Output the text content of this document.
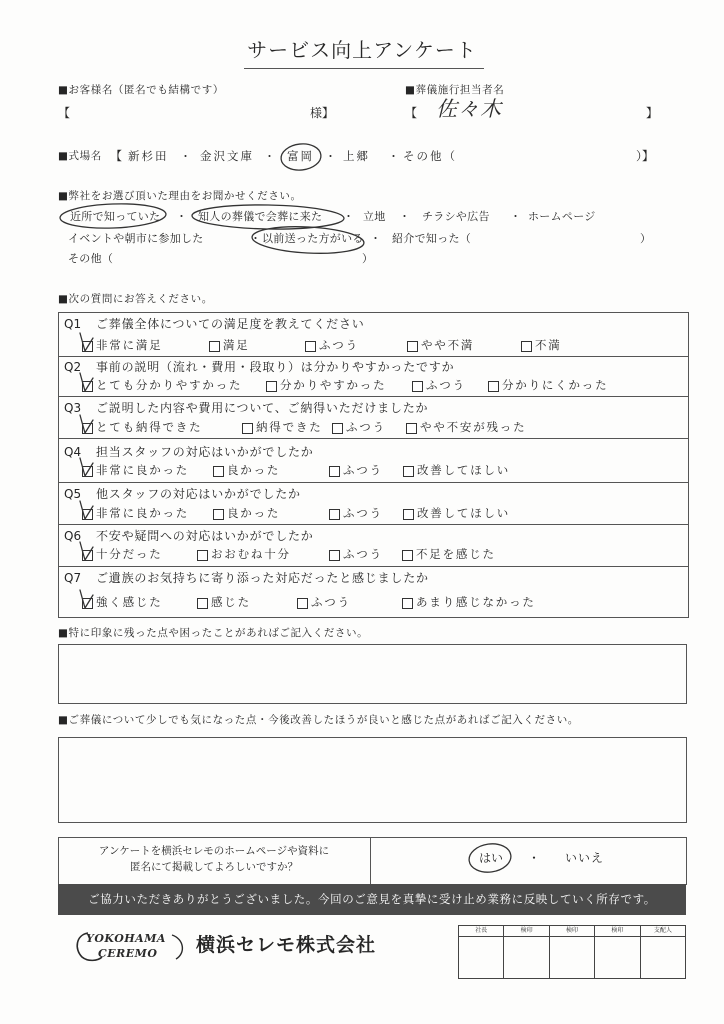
サービス向上アンケート
■お客様名（匿名でも結構です）
【	様】
■葬儀施行担当者名
【 佐々木	】
■式場名 【 新杉田 ・ 金沢文庫 ・ 富岡 ・ 上郷 ・ その他（	）】
■弊社をお選び頂いた理由をお聞かせください。
近所で知っていた ・ 知人の葬儀で会葬に来た ・ 立地 ・ チラシや広告 ・ ホームページ
イベントや朝市に参加した	・ 以前送った方がいる ・ 紹介で知った（	）
その他（	）
■次の質問にお答えください。
■特に印象に残った点や困ったことがあればご記入ください。
■ご葬儀について少しでも気になった点・今後改善したほうが良いと感じた点があればご記入ください。
アンケートを横浜セレモのホームページや資料に
匿名にて掲載してよろしいですか？
はい ・ いいえ
ご協力いただきありがとうございました。今回のご意見を真摯に受け止め業務に反映していく所存です。
YOKOHAMA
CEREMO 横浜セレモ株式会社
社長	検印	検印	検印	支配人
Q1 ご葬儀全体についての満足度を教えてください
非常に満足	満足	ふつう	やや不満	不満
Q2 事前の説明（流れ・費用・段取り）は分かりやすかったですか
とても分かりやすかった	分かりやすかった	ふつう	分かりにくかった
Q3 ご説明した内容や費用について、ご納得いただけましたか
とても納得できた	納得できた ふつう	やや不安が残った
Q4 担当スタッフの対応はいかがでしたか
非常に良かった	良かった	ふつう	改善してほしい
Q5 他スタッフの対応はいかがでしたか
非常に良かった	良かった	ふつう	改善してほしい
Q6 不安や疑問への対応はいかがでしたか
十分だった	おおむね十分	ふつう	不足を感じた
Q7 ご遺族のお気持ちに寄り添った対応だったと感じましたか
強く感じた	感じた	ふつう	あまり感じなかった
